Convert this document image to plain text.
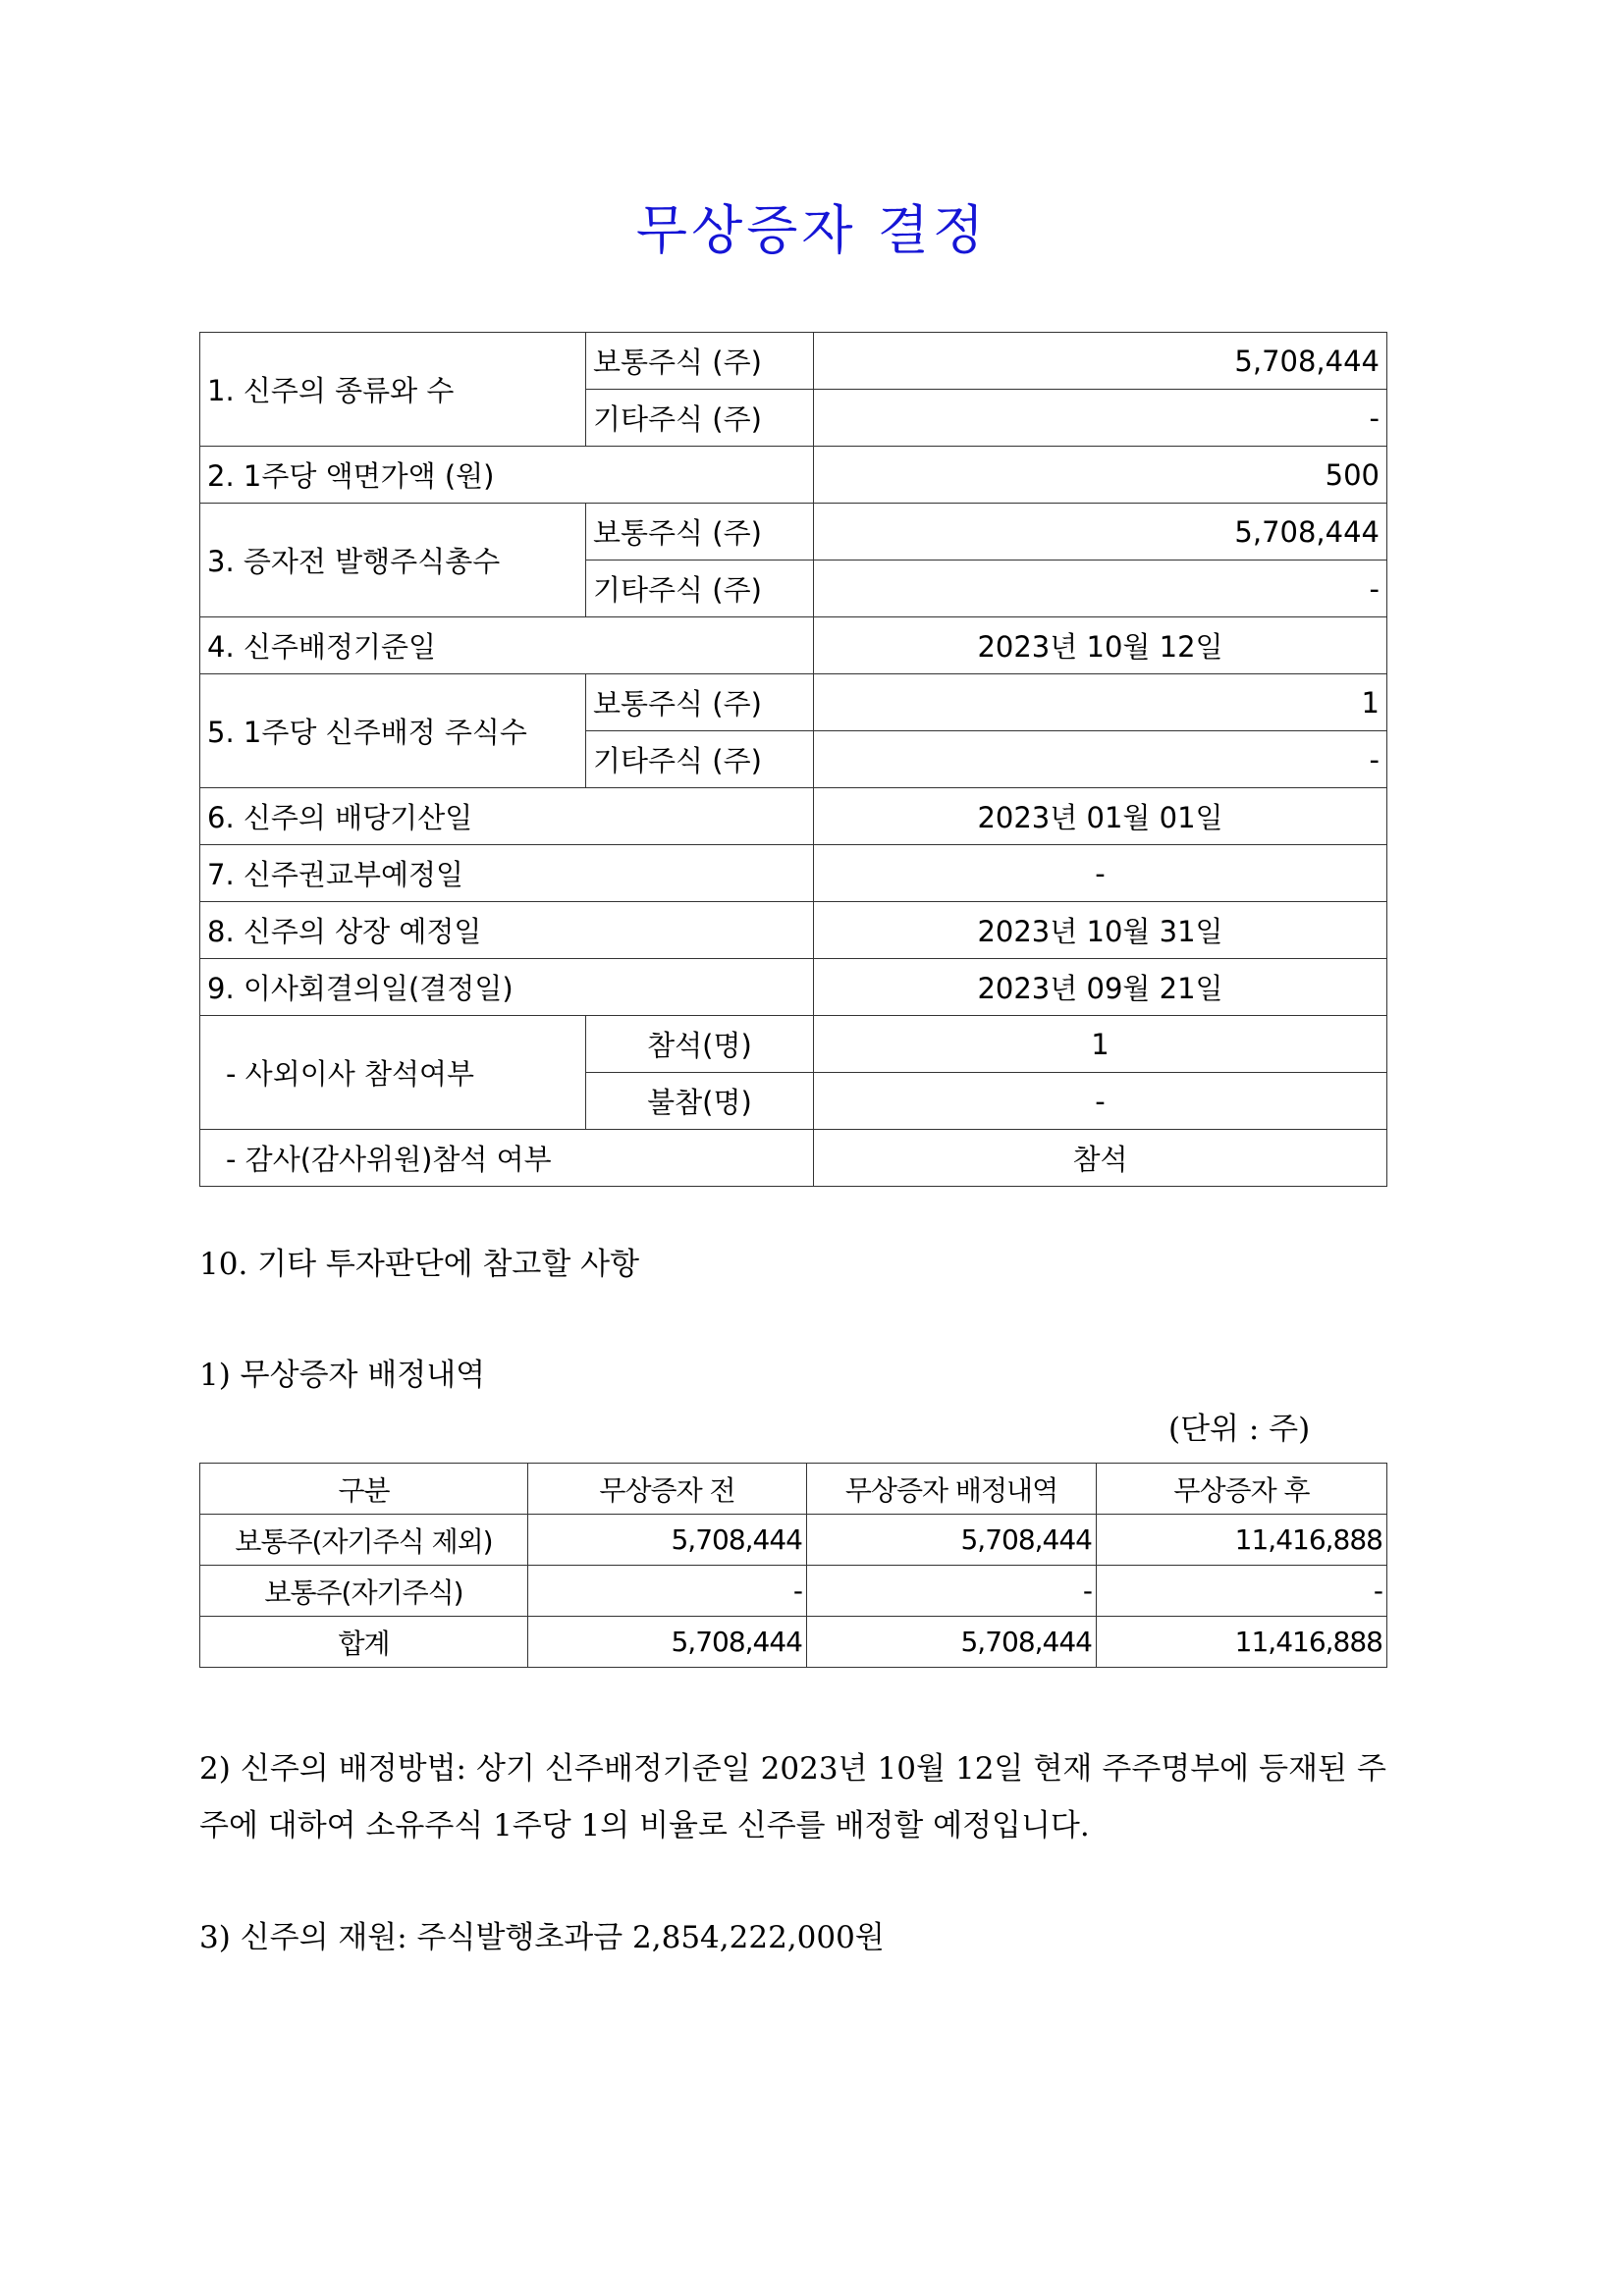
무상증자 결정
1. 신주의 종류와 수	보통주식 (주)	5,708,444
	기타주식 (주)	-
2. 1주당 액면가액 (원)		500
3. 증자전 발행주식총수	보통주식 (주)	5,708,444
	기타주식 (주)	-
4. 신주배정기준일		2023년 10월 12일
5. 1주당 신주배정 주식수	보통주식 (주)	1
	기타주식 (주)	-
6. 신주의 배당기산일		2023년 01월 01일
7. 신주권교부예정일		-
8. 신주의 상장 예정일		2023년 10월 31일
9. 이사회결의일(결정일)		2023년 09월 21일
- 사외이사 참석여부	참석(명)	1
	불참(명)	-
- 감사(감사위원)참석 여부		참석
10. 기타 투자판단에 참고할 사항
1) 무상증자 배정내역
(단위 : 주)
구분	무상증자 전	무상증자 배정내역	무상증자 후
보통주(자기주식 제외)	5,708,444	5,708,444	11,416,888
보통주(자기주식)	-	-	-
합계	5,708,444	5,708,444	11,416,888
2) 신주의 배정방법: 상기 신주배정기준일 2023년 10월 12일 현재 주주명부에 등재된 주주에 대하여 소유주식 1주당 1의 비율로 신주를 배정할 예정입니다.
3) 신주의 재원: 주식발행초과금 2,854,222,000원
